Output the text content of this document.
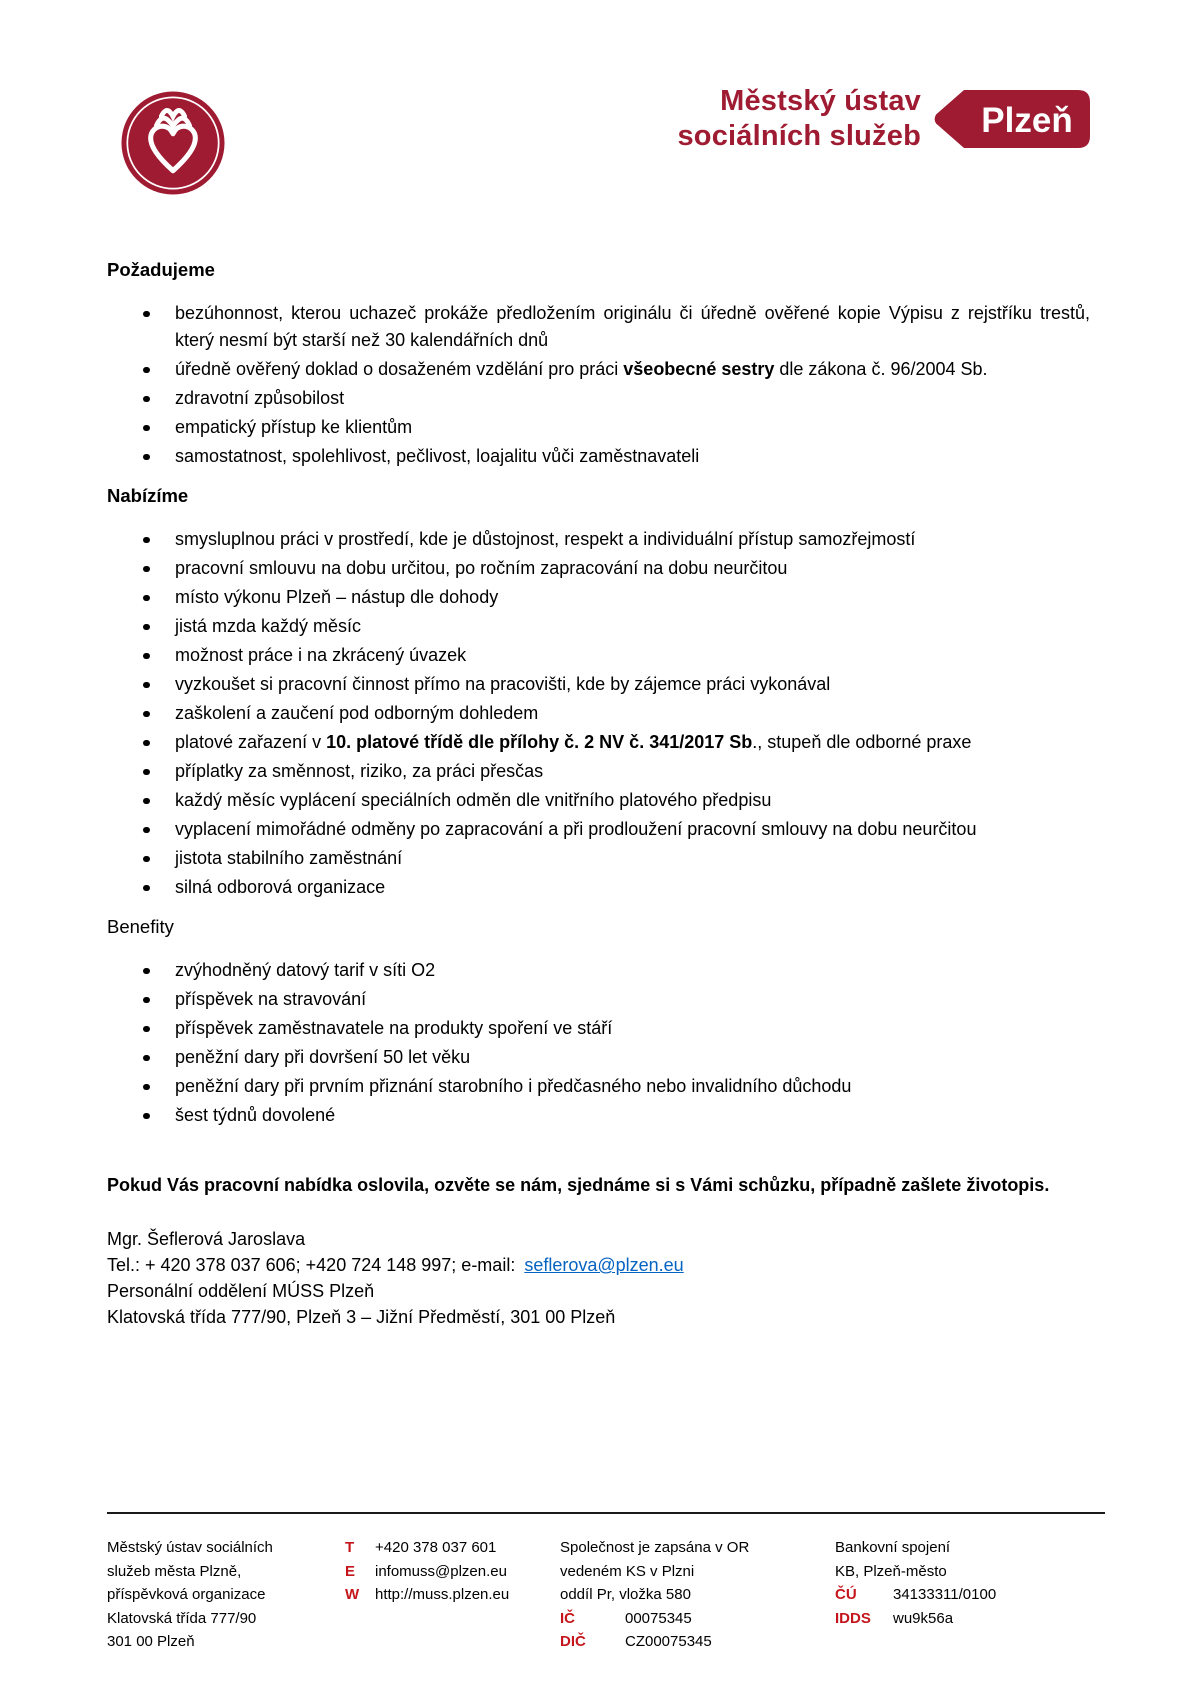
Městský ústav
sociálních služeb Plzeň
Požadujeme
bezúhonnost, kterou uchazeč prokáže předložením originálu či úředně ověřené kopie Výpisu z rejstříku trestů, který nesmí být starší než 30 kalendářních dnů
úředně ověřený doklad o dosaženém vzdělání pro práci všeobecné sestry dle zákona č. 96/2004 Sb.
zdravotní způsobilost
empatický přístup ke klientům
samostatnost, spolehlivost, pečlivost, loajalitu vůči zaměstnavateli
Nabízíme
smysluplnou práci v prostředí, kde je důstojnost, respekt a individuální přístup samozřejmostí
pracovní smlouvu na dobu určitou, po ročním zapracování na dobu neurčitou
místo výkonu Plzeň – nástup dle dohody
jistá mzda každý měsíc
možnost práce i na zkrácený úvazek
vyzkoušet si pracovní činnost přímo na pracovišti, kde by zájemce práci vykonával
zaškolení a zaučení pod odborným dohledem
platové zařazení v 10. platové třídě dle přílohy č. 2 NV č. 341/2017 Sb., stupeň dle odborné praxe
příplatky za směnnost, riziko, za práci přesčas
každý měsíc vyplácení speciálních odměn dle vnitřního platového předpisu
vyplacení mimořádné odměny po zapracování a při prodloužení pracovní smlouvy na dobu neurčitou
jistota stabilního zaměstnání
silná odborová organizace
Benefity
zvýhodněný datový tarif v síti O2
příspěvek na stravování
příspěvek zaměstnavatele na produkty spoření ve stáří
peněžní dary při dovršení 50 let věku
peněžní dary při prvním přiznání starobního i předčasného nebo invalidního důchodu
šest týdnů dovolené

Pokud Vás pracovní nabídka oslovila, ozvěte se nám, sjednáme si s Vámi schůzku, případně zašlete životopis.

Mgr. Šeflerová Jaroslava
Tel.: + 420 378 037 606; +420 724 148 997; e-mail: seflerova@plzen.eu
Personální oddělení MÚSS Plzeň
Klatovská třída 777/90, Plzeň 3 – Jižní Předměstí, 301 00 Plzeň
Městský ústav sociálních
služeb města Plzně,
příspěvková organizace
Klatovská třída 777/90
301 00 Plzeň
T +420 378 037 601
E infomuss@plzen.eu
W http://muss.plzen.eu
Společnost je zapsána v OR
vedeném KS v Plzni
oddíl Pr, vložka 580
IČ	00075345
DIČ	CZ00075345
Bankovní spojení
KB, Plzeň-město
ČÚ 34133311/0100
IDDS wu9k56a
